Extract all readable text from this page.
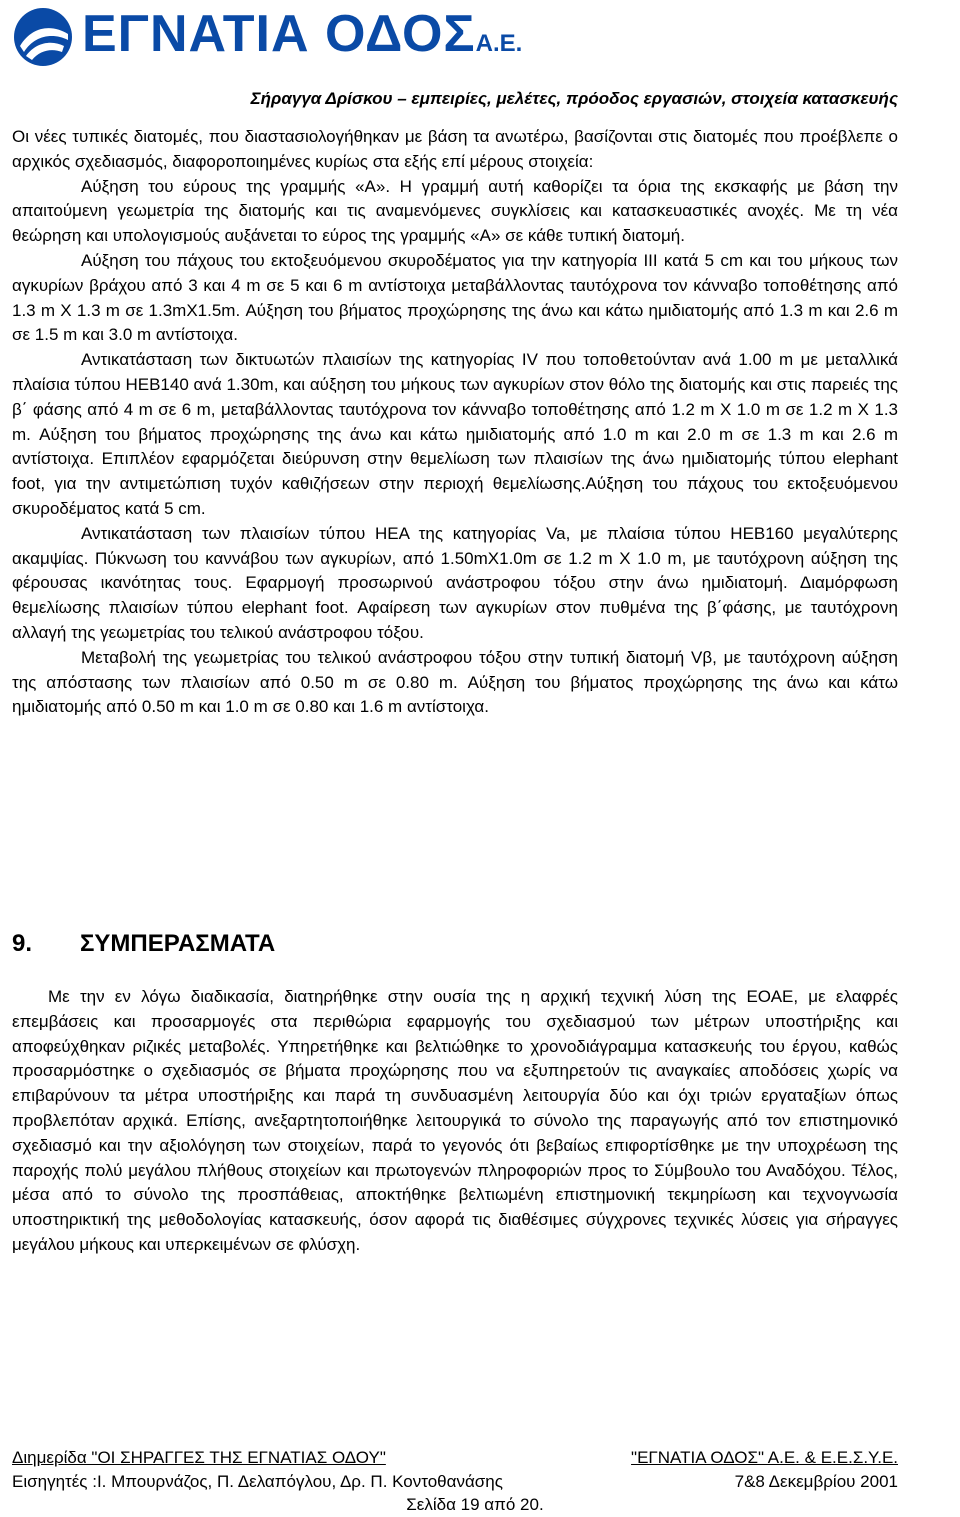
ΕΓΝΑΤΙΑ ΟΔΟΣΑ.Ε.
Σήραγγα Δρίσκου – εμπειρίες, μελέτες, πρόοδος εργασιών, στοιχεία κατασκευής

Οι νέες τυπικές διατομές, που διαστασιολογήθηκαν με βάση τα ανωτέρω, βασίζονται στις διατομές που προέβλεπε ο αρχικός σχεδιασμός, διαφοροποιημένες κυρίως στα εξής επί μέρους στοιχεία:

Αύξηση του εύρους της γραμμής «Α». Η γραμμή αυτή καθορίζει τα όρια της εκσκαφής με βάση την απαιτούμενη γεωμετρία της διατομής και τις αναμενόμενες συγκλίσεις και κατασκευαστικές ανοχές. Με τη νέα θεώρηση και υπολογισμούς αυξάνεται το εύρος της γραμμής «Α» σε κάθε τυπική διατομή.

Αύξηση του πάχους του εκτοξευόμενου σκυροδέματος για την κατηγορία ΙΙΙ κατά 5 cm και του μήκους των αγκυρίων βράχου από 3 και 4 m σε 5 και 6 m αντίστοιχα μεταβάλλοντας ταυτόχρονα τον κάνναβο τοποθέτησης από 1.3 m X 1.3 m σε 1.3mX1.5m. Αύξηση του βήματος προχώρησης της άνω και κάτω ημιδιατομής από 1.3 m και 2.6 m σε 1.5 m και 3.0 m αντίστοιχα.

Αντικατάσταση των δικτυωτών πλαισίων της κατηγορίας IV που τοποθετούνταν ανά 1.00 m με μεταλλικά πλαίσια τύπου ΗΕΒ140 ανά 1.30m, και αύξηση του μήκους των αγκυρίων στον θόλο της διατομής και στις παρειές της β΄ φάσης από 4 m σε 6 m, μεταβάλλοντας ταυτόχρονα τον κάνναβο τοποθέτησης από 1.2 m X 1.0 m σε 1.2 m X 1.3 m. Αύξηση του βήματος προχώρησης της άνω και κάτω ημιδιατομής από 1.0 m και 2.0 m σε 1.3 m και 2.6 m αντίστοιχα. Επιπλέον εφαρμόζεται διεύρυνση στην θεμελίωση των πλαισίων της άνω ημιδιατομής τύπου elephant foot, για την αντιμετώπιση τυχόν καθιζήσεων στην περιοχή θεμελίωσης.Αύξηση του πάχους του εκτοξευόμενου σκυροδέματος κατά 5 cm.

Αντικατάσταση των πλαισίων τύπου ΗΕΑ της κατηγορίας Va, με πλαίσια τύπου ΗΕΒ160 μεγαλύτερης ακαμψίας. Πύκνωση του καννάβου των αγκυρίων, από 1.50mX1.0m σε 1.2 m X 1.0 m, με ταυτόχρονη αύξηση της φέρουσας ικανότητας τους. Εφαρμογή προσωρινού ανάστροφου τόξου στην άνω ημιδιατομή. Διαμόρφωση θεμελίωσης πλαισίων τύπου elephant foot. Αφαίρεση των αγκυρίων στον πυθμένα της β΄φάσης, με ταυτόχρονη αλλαγή της γεωμετρίας του τελικού ανάστροφου τόξου.

Μεταβολή της γεωμετρίας του τελικού ανάστροφου τόξου στην τυπική διατομή Vβ, με ταυτόχρονη αύξηση της απόστασης των πλαισίων από 0.50 m σε 0.80 m. Αύξηση του βήματος προχώρησης της άνω και κάτω ημιδιατομής από 0.50 m και 1.0 m σε 0.80 και 1.6 m αντίστοιχα.

9. ΣΥΜΠΕΡΑΣΜΑΤΑ

Με την εν λόγω διαδικασία, διατηρήθηκε στην ουσία της η αρχική τεχνική λύση της ΕΟΑΕ, με ελαφρές επεμβάσεις και προσαρμογές στα περιθώρια εφαρμογής του σχεδιασμού των μέτρων υποστήριξης και αποφεύχθηκαν ριζικές μεταβολές. Υπηρετήθηκε και βελτιώθηκε το χρονοδιάγραμμα κατασκευής του έργου, καθώς προσαρμόστηκε ο σχεδιασμός σε βήματα προχώρησης που να εξυπηρετούν τις αναγκαίες αποδόσεις χωρίς να επιβαρύνουν τα μέτρα υποστήριξης και παρά τη συνδυασμένη λειτουργία δύο και όχι τριών εργαταξίων όπως προβλεπόταν αρχικά. Επίσης, ανεξαρτητοποιήθηκε λειτουργικά το σύνολο της παραγωγής από τον επιστημονικό σχεδιασμό και την αξιολόγηση των στοιχείων, παρά το γεγονός ότι βεβαίως επιφορτίσθηκε με την υποχρέωση της παροχής πολύ μεγάλου πλήθους στοιχείων και πρωτογενών πληροφοριών προς το Σύμβουλο του Αναδόχου. Τέλος, μέσα από το σύνολο της προσπάθειας, αποκτήθηκε βελτιωμένη επιστημονική τεκμηρίωση και τεχνογνωσία υποστηρικτική της μεθοδολογίας κατασκευής, όσον αφορά τις διαθέσιμες σύγχρονες τεχνικές λύσεις για σήραγγες μεγάλου μήκους και υπερκειμένων σε φλύσχη.

Διημερίδα "ΟΙ ΣΗΡΑΓΓΕΣ ΤΗΣ ΕΓΝΑΤΙΑΣ ΟΔΟΥ"	"ΕΓΝΑΤΙΑ ΟΔΟΣ" Α.Ε. & Ε.Ε.Σ.Υ.Ε.
Εισηγητές :Ι. Μπουρνάζος, Π. Δελαπόγλου, Δρ. Π. Κοντοθανάσης	7&8 Δεκεμβρίου 2001
Σελίδα 19 από 20.
